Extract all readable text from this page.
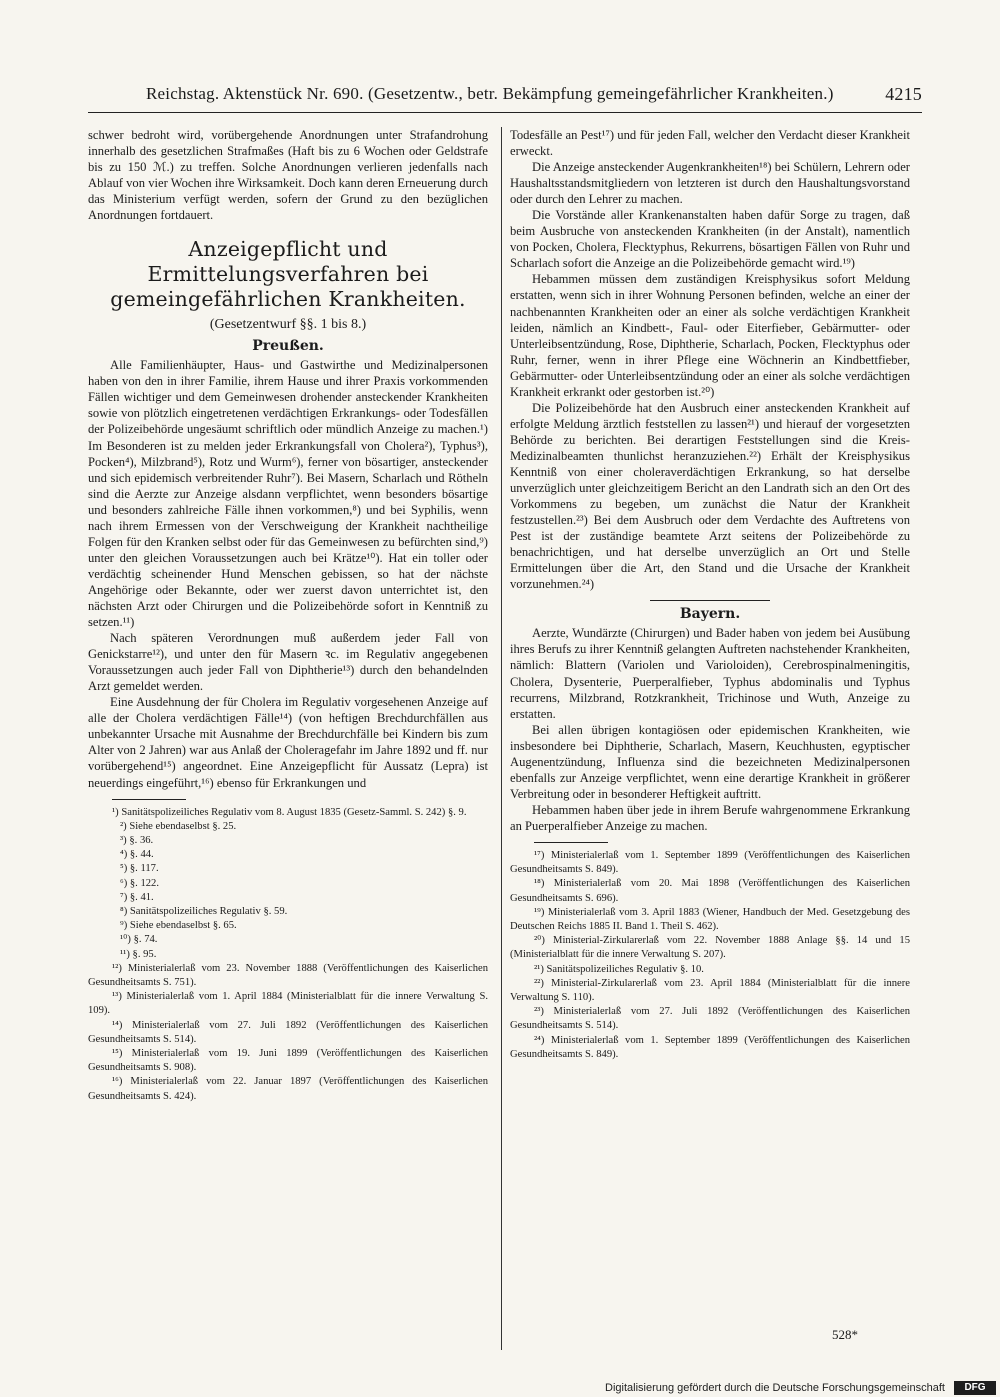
Reichstag. Aktenstück Nr. 690. (Gesetzentw., betr. Bekämpfung gemeingefährlicher Krankheiten.)	4215

schwer bedroht wird, vorübergehende Anordnungen unter Strafandrohung innerhalb des gesetzlichen Strafmaßes (Haft bis zu 6 Wochen oder Geldstrafe bis zu 150 ℳ.) zu treffen. Solche Anordnungen verlieren jedenfalls nach Ablauf von vier Wochen ihre Wirksamkeit. Doch kann deren Erneuerung durch das Ministerium verfügt werden, sofern der Grund zu den bezüglichen Anordnungen fortdauert.

Anzeigepflicht und Ermittelungsverfahren bei gemeingefährlichen Krankheiten.
(Gesetzentwurf §§. 1 bis 8.)
Preußen.

Alle Familienhäupter, Haus- und Gastwirthe und Medizinalpersonen haben von den in ihrer Familie, ihrem Hause und ihrer Praxis vorkommenden Fällen wichtiger und dem Gemeinwesen drohender ansteckender Krankheiten sowie von plötzlich eingetretenen verdächtigen Erkrankungs- oder Todesfällen der Polizeibehörde ungesäumt schriftlich oder mündlich Anzeige zu machen.¹) Im Besonderen ist zu melden jeder Erkrankungsfall von Cholera²), Typhus³), Pocken⁴), Milzbrand⁵), Rotz und Wurm⁶), ferner von bösartiger, ansteckender und sich epidemisch verbreitender Ruhr⁷). Bei Masern, Scharlach und Rötheln sind die Aerzte zur Anzeige alsdann verpflichtet, wenn besonders bösartige und besonders zahlreiche Fälle ihnen vorkommen,⁸) und bei Syphilis, wenn nach ihrem Ermessen von der Verschweigung der Krankheit nachtheilige Folgen für den Kranken selbst oder für das Gemeinwesen zu befürchten sind,⁹) unter den gleichen Voraussetzungen auch bei Krätze¹⁰). Hat ein toller oder verdächtig scheinender Hund Menschen gebissen, so hat der nächste Angehörige oder Bekannte, oder wer zuerst davon unterrichtet ist, den nächsten Arzt oder Chirurgen und die Polizeibehörde sofort in Kenntniß zu setzen.¹¹)

Nach späteren Verordnungen muß außerdem jeder Fall von Genickstarre¹²), und unter den für Masern ꝛc. im Regulativ angegebenen Voraussetzungen auch jeder Fall von Diphtherie¹³) durch den behandelnden Arzt gemeldet werden.

Eine Ausdehnung der für Cholera im Regulativ vorgesehenen Anzeige auf alle der Cholera verdächtigen Fälle¹⁴) (von heftigen Brechdurchfällen aus unbekannter Ursache mit Ausnahme der Brechdurchfälle bei Kindern bis zum Alter von 2 Jahren) war aus Anlaß der Choleragefahr im Jahre 1892 und ff. nur vorübergehend¹⁵) angeordnet. Eine Anzeigepflicht für Aussatz (Lepra) ist neuerdings eingeführt,¹⁶) ebenso für Erkrankungen und

¹) Sanitätspolizeiliches Regulativ vom 8. August 1835 (Gesetz-Samml. S. 242) §. 9.
²) Siehe ebendaselbst §. 25.
³) §. 36.
⁴) §. 44.
⁵) §. 117.
⁶) §. 122.
⁷) §. 41.
⁸) Sanitätspolizeiliches Regulativ §. 59.
⁹) Siehe ebendaselbst §. 65.
¹⁰) §. 74.
¹¹) §. 95.
¹²) Ministerialerlaß vom 23. November 1888 (Veröffentlichungen des Kaiserlichen Gesundheitsamts S. 751).
¹³) Ministerialerlaß vom 1. April 1884 (Ministerialblatt für die innere Verwaltung S. 109).
¹⁴) Ministerialerlaß vom 27. Juli 1892 (Veröffentlichungen des Kaiserlichen Gesundheitsamts S. 514).
¹⁵) Ministerialerlaß vom 19. Juni 1899 (Veröffentlichungen des Kaiserlichen Gesundheitsamts S. 908).
¹⁶) Ministerialerlaß vom 22. Januar 1897 (Veröffentlichungen des Kaiserlichen Gesundheitsamts S. 424).

Todesfälle an Pest¹⁷) und für jeden Fall, welcher den Verdacht dieser Krankheit erweckt.

Die Anzeige ansteckender Augenkrankheiten¹⁸) bei Schülern, Lehrern oder Haushaltsstandsmitgliedern von letzteren ist durch den Haushaltungsvorstand oder durch den Lehrer zu machen.

Die Vorstände aller Krankenanstalten haben dafür Sorge zu tragen, daß beim Ausbruche von ansteckenden Krankheiten (in der Anstalt), namentlich von Pocken, Cholera, Flecktyphus, Rekurrens, bösartigen Fällen von Ruhr und Scharlach sofort die Anzeige an die Polizeibehörde gemacht wird.¹⁹)

Hebammen müssen dem zuständigen Kreisphysikus sofort Meldung erstatten, wenn sich in ihrer Wohnung Personen befinden, welche an einer der nachbenannten Krankheiten oder an einer als solche verdächtigen Krankheit leiden, nämlich an Kindbett-, Faul- oder Eiterfieber, Gebärmutter- oder Unterleibsentzündung, Rose, Diphtherie, Scharlach, Pocken, Flecktyphus oder Ruhr, ferner, wenn in ihrer Pflege eine Wöchnerin an Kindbettfieber, Gebärmutter- oder Unterleibsentzündung oder an einer als solche verdächtigen Krankheit erkrankt oder gestorben ist.²⁰)

Die Polizeibehörde hat den Ausbruch einer ansteckenden Krankheit auf erfolgte Meldung ärztlich feststellen zu lassen²¹) und hierauf der vorgesetzten Behörde zu berichten. Bei derartigen Feststellungen sind die Kreis-Medizinalbeamten thunlichst heranzuziehen.²²) Erhält der Kreisphysikus Kenntniß von einer choleraverdächtigen Erkrankung, so hat derselbe unverzüglich unter gleichzeitigem Bericht an den Landrath sich an den Ort des Vorkommens zu begeben, um zunächst die Natur der Krankheit festzustellen.²³) Bei dem Ausbruch oder dem Verdachte des Auftretens von Pest ist der zuständige beamtete Arzt seitens der Polizeibehörde zu benachrichtigen, und hat derselbe unverzüglich an Ort und Stelle Ermittelungen über die Art, den Stand und die Ursache der Krankheit vorzunehmen.²⁴)

Bayern.

Aerzte, Wundärzte (Chirurgen) und Bader haben von jedem bei Ausübung ihres Berufs zu ihrer Kenntniß gelangten Auftreten nachstehender Krankheiten, nämlich: Blattern (Variolen und Varioloiden), Cerebrospinalmeningitis, Cholera, Dysenterie, Puerperalfieber, Typhus abdominalis und Typhus recurrens, Milzbrand, Rotzkrankheit, Trichinose und Wuth, Anzeige zu erstatten.

Bei allen übrigen kontagiösen oder epidemischen Krankheiten, wie insbesondere bei Diphtherie, Scharlach, Masern, Keuchhusten, egyptischer Augenentzündung, Influenza sind die bezeichneten Medizinalpersonen ebenfalls zur Anzeige verpflichtet, wenn eine derartige Krankheit in größerer Verbreitung oder in besonderer Heftigkeit auftritt.

Hebammen haben über jede in ihrem Berufe wahrgenommene Erkrankung an Puerperalfieber Anzeige zu machen.

¹⁷) Ministerialerlaß vom 1. September 1899 (Veröffentlichungen des Kaiserlichen Gesundheitsamts S. 849).
¹⁸) Ministerialerlaß vom 20. Mai 1898 (Veröffentlichungen des Kaiserlichen Gesundheitsamts S. 696).
¹⁹) Ministerialerlaß vom 3. April 1883 (Wiener, Handbuch der Med. Gesetzgebung des Deutschen Reichs 1885 II. Band 1. Theil S. 462).
²⁰) Ministerial-Zirkularerlaß vom 22. November 1888 Anlage §§. 14 und 15 (Ministerialblatt für die innere Verwaltung S. 207).
²¹) Sanitätspolizeiliches Regulativ §. 10.
²²) Ministerial-Zirkularerlaß vom 23. April 1884 (Ministerialblatt für die innere Verwaltung S. 110).
²³) Ministerialerlaß vom 27. Juli 1892 (Veröffentlichungen des Kaiserlichen Gesundheitsamts S. 514).
²⁴) Ministerialerlaß vom 1. September 1899 (Veröffentlichungen des Kaiserlichen Gesundheitsamts S. 849).
528*
Digitalisierung gefördert durch die Deutsche Forschungsgemeinschaft	DFG
